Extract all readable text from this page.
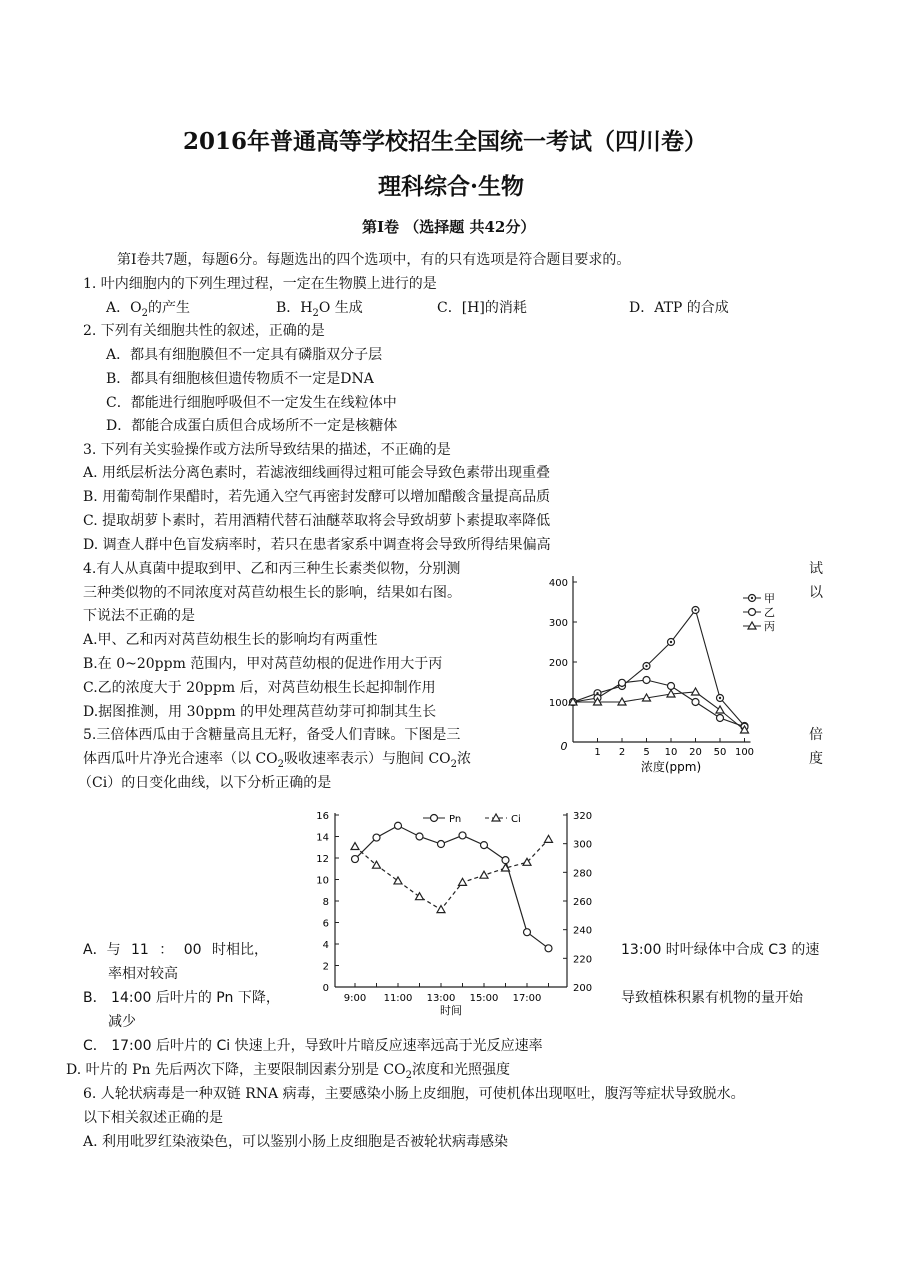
2016年普通高等学校招生全国统一考试（四川卷）
理科综合·生物
第Ⅰ卷 （选择题 共42分）
第Ⅰ卷共7题，每题6分。每题选出的四个选项中，有的只有选项是符合题目要求的。
1. 叶内细胞内的下列生理过程，一定在生物膜上进行的是
A．$O_2$的产生	B．$H_2O$ 生成	C．[H]的消耗	D．ATP 的合成
2. 下列有关细胞共性的叙述，正确的是
A．都具有细胞膜但不一定具有磷脂双分子层
B．都具有细胞核但遗传物质不一定是DNA
C．都能进行细胞呼吸但不一定发生在线粒体中
D．都能合成蛋白质但合成场所不一定是核糖体
3. 下列有关实验操作或方法所导致结果的描述，不正确的是
A. 用纸层析法分离色素时，若滤液细线画得过粗可能会导致色素带出现重叠
B. 用葡萄制作果醋时，若先通入空气再密封发酵可以增加醋酸含量提高品质
C. 提取胡萝卜素时，若用酒精代替石油醚萃取将会导致胡萝卜素提取率降低
D. 调查人群中色盲发病率时，若只在患者家系中调查将会导致所得结果偏高
4.有人从真菌中提取到甲、乙和丙三种生长素类似物，分别测	试
三种类似物的不同浓度对莴苣幼根生长的影响，结果如右图。	以
下说法不正确的是
A.甲、乙和丙对莴苣幼根生长的影响均有两重性
B.在 0~20ppm 范围内，甲对莴苣幼根的促进作用大于丙
C.乙的浓度大于 20ppm 后，对莴苣幼根生长起抑制作用
D.据图推测，用 30ppm 的甲处理莴苣幼芽可抑制其生长
100
200
300
400
0	1 2 5 10 20 50 100
浓度(ppm)
甲
乙
丙
5.三倍体西瓜由于含糖量高且无籽，备受人们青睐。下图是三	倍
体西瓜叶片净光合速率（以 $CO_2$吸收速率表示）与胞间 $CO_2$浓	度
（Ci）的日变化曲线，以下分析正确的是
0
2
4
6
8
10
12
14
16
200
220
240
260
280
300
320
9:00 11:00 13:00 15:00 17:00
时间
Pn	Ci
A．与 11 ： 00 时相比，	13:00 时叶绿体中合成 C3 的速
率相对较高
B． 14:00 后叶片的 Pn 下降，	导致植株积累有机物的量开始
减少
C． 17:00 后叶片的 Ci 快速上升，导致叶片暗反应速率远高于光反应速率
D. 叶片的 Pn 先后两次下降，主要限制因素分别是 $CO_2$浓度和光照强度
6. 人轮状病毒是一种双链 RNA 病毒，主要感染小肠上皮细胞，可使机体出现呕吐，腹泻等症状导致脱水。
以下相关叙述正确的是
A. 利用吡罗红染液染色，可以鉴别小肠上皮细胞是否被轮状病毒感染
